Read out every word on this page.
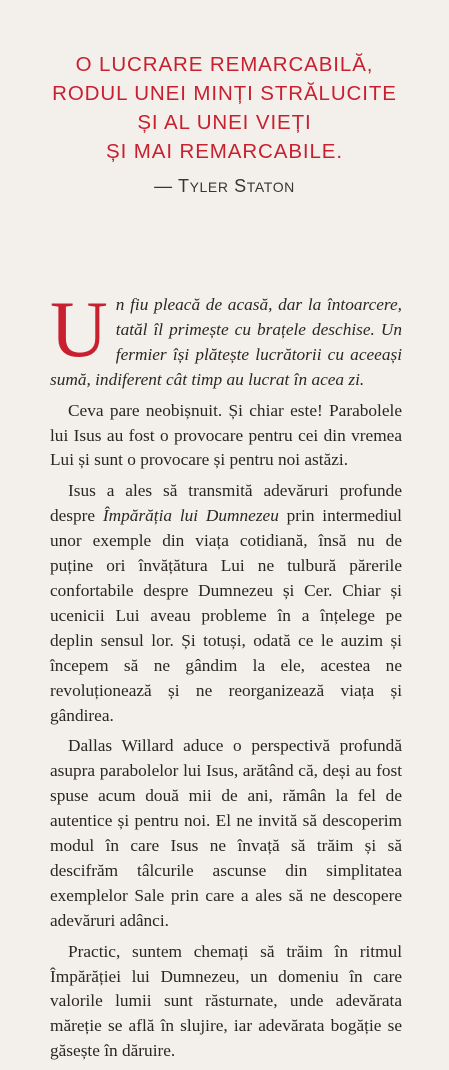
O LUCRARE REMARCABILĂ,

RODUL UNEI MINȚI STRĂLUCITE

ȘI AL UNEI VIEȚI

ȘI MAI REMARCABILE.

— TYLER STATON

Un fiu pleacă de acasă, dar la întoarcere, tatăl îl primește cu brațele deschise. Un fermier își plătește lucrătorii cu aceeași sumă, indiferent cât timp au lucrat în acea zi.

Ceva pare neobișnuit. Și chiar este! Parabolele lui Isus au fost o provocare pentru cei din vremea Lui și sunt o provocare și pentru noi astăzi.

Isus a ales să transmită adevăruri profunde despre Împărăția lui Dumnezeu prin intermediul unor exemple din viața cotidiană, însă nu de puține ori învățătura Lui ne tulbură părerile confortabile despre Dumnezeu și Cer. Chiar și ucenicii Lui aveau probleme în a înțelege pe deplin sensul lor. Și totuși, odată ce le auzim și începem să ne gândim la ele, acestea ne revoluționează și ne reorganizează viața și gândirea.

Dallas Willard aduce o perspectivă profundă asupra parabolelor lui Isus, arătând că, deși au fost spuse acum două mii de ani, rămân la fel de autentice și pentru noi. El ne invită să descoperim modul în care Isus ne învață să trăim și să descifrăm tâlcurile ascunse din simplitatea exemplelor Sale prin care a ales să ne descopere adevăruri adânci.

Practic, suntem chemați să trăim în ritmul Împărăției lui Dumnezeu, un domeniu în care valorile lumii sunt răsturnate, unde adevărata măreție se află în slujire, iar adevărata bogăție se găsește în dăruire.
